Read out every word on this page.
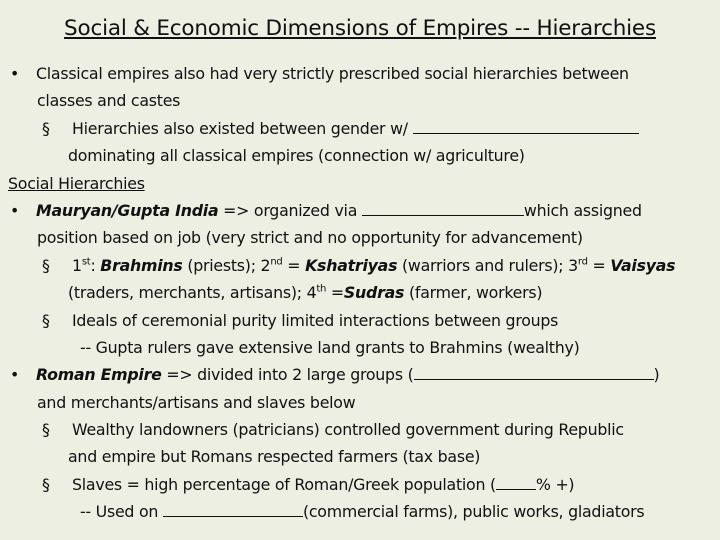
Social & Economic Dimensions of Empires -- Hierarchies
• Classical empires also had very strictly prescribed social hierarchies between
classes and castes
§ Hierarchies also existed between gender w/
dominating all classical empires (connection w/ agriculture)
Social Hierarchies
• Mauryan/Gupta India => organized via	which assigned
position based on job (very strict and no opportunity for advancement)
§ 1st: Brahmins (priests); 2nd = Kshatriyas (warriors and rulers); 3rd = Vaisyas
(traders, merchants, artisans); 4th =Sudras (farmer, workers)
§ Ideals of ceremonial purity limited interactions between groups
-- Gupta rulers gave extensive land grants to Brahmins (wealthy)
• Roman Empire => divided into 2 large groups (	)
and merchants/artisans and slaves below
§ Wealthy landowners (patricians) controlled government during Republic
and empire but Romans respected farmers (tax base)
§ Slaves = high percentage of Roman/Greek population (	% +)
-- Used on	(commercial farms), public works, gladiators
